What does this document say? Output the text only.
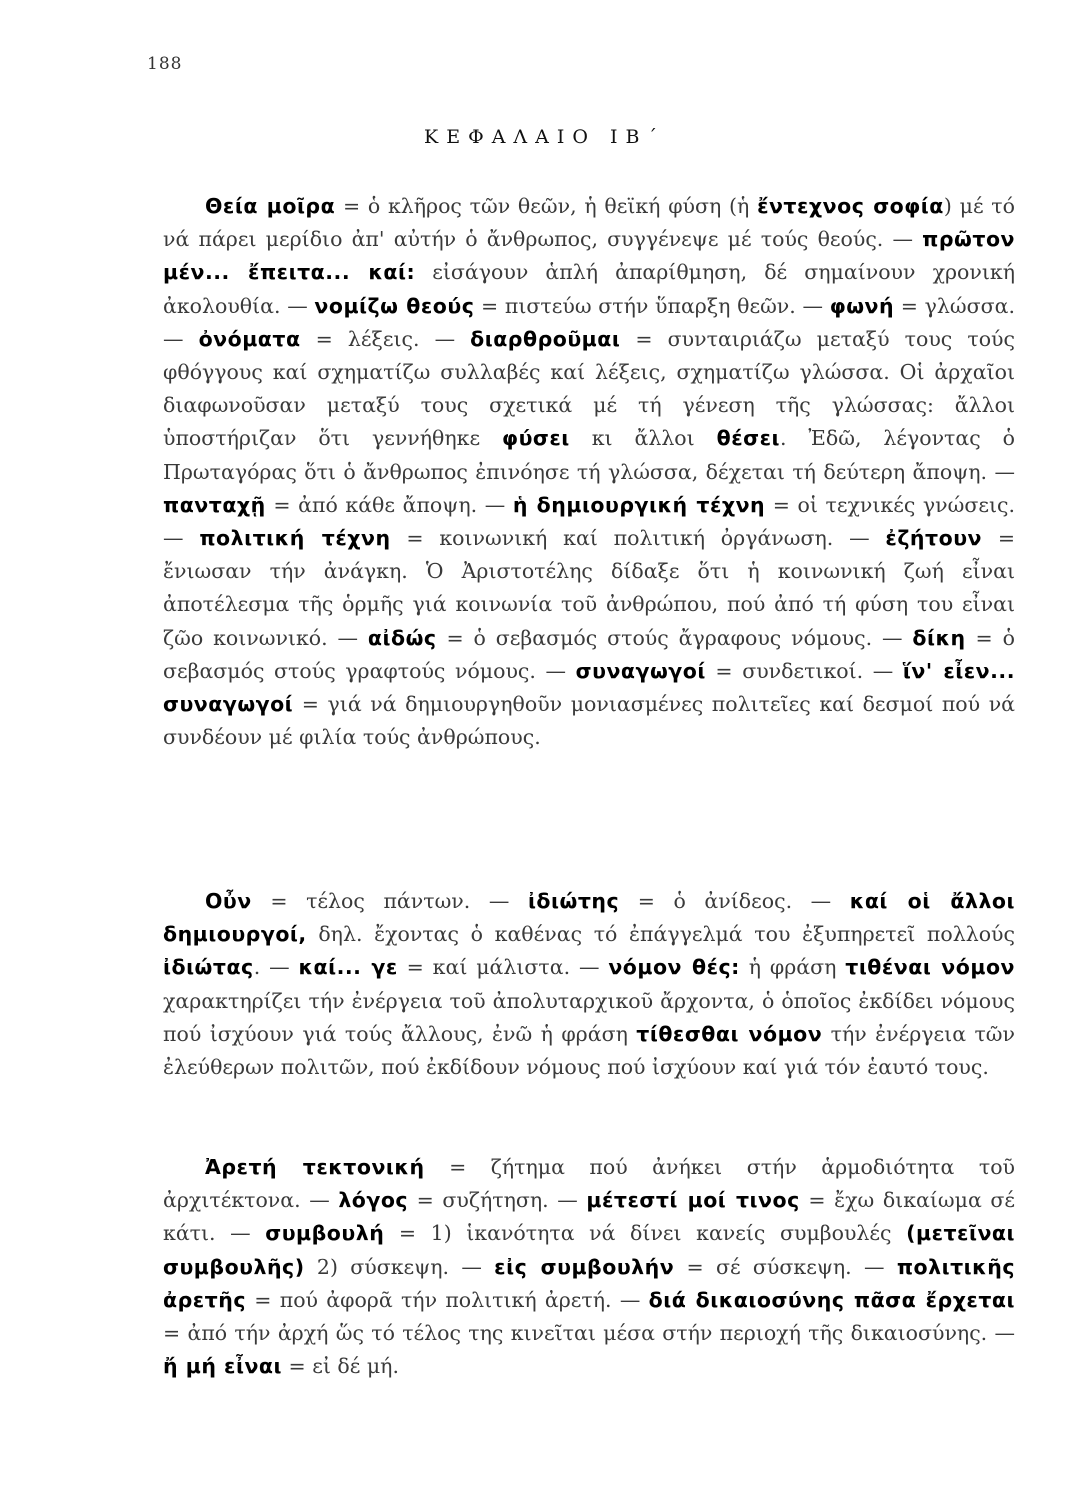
188
ΚΕΦΑΛΑΙΟ ΙΒ΄

Θεία μοῖρα = ὁ κλῆρος τῶν θεῶν, ἡ θεϊκή φύση (ἡ ἔντεχνος σοφία) μέ τό νά πάρει μερίδιο ἀπ' αὐτήν ὁ ἄνθρωπος, συγγένεψε μέ τούς θεούς. — πρῶτον μέν... ἔπειτα... καί: εἰσάγουν ἁπλή ἀπαρίθμηση, δέ σημαίνουν χρονική ἀκολουθία. — νομίζω θεούς = πιστεύω στήν ὕπαρξη θεῶν. — φωνή = γλώσσα. — ὀνόματα = λέξεις. — διαρθροῦμαι = συνταιριάζω μεταξύ τους τούς φθόγγους καί σχηματίζω συλλαβές καί λέξεις, σχηματίζω γλώσσα. Οἱ ἀρχαῖοι διαφωνοῦσαν μεταξύ τους σχετικά μέ τή γένεση τῆς γλώσσας: ἄλλοι ὑποστήριζαν ὅτι γεννήθηκε φύσει κι ἄλλοι θέσει. Ἐδῶ, λέγοντας ὁ Πρωταγόρας ὅτι ὁ ἄνθρωπος ἐπινόησε τή γλώσσα, δέχεται τή δεύτερη ἄποψη. — πανταχῇ = ἀπό κάθε ἄποψη. — ἡ δημιουργική τέχνη = οἱ τεχνικές γνώσεις. — πολιτική τέχνη = κοινωνική καί πολιτική ὀργάνωση. — ἐζήτουν = ἔνιωσαν τήν ἀνάγκη. Ὁ Ἀριστοτέλης δίδαξε ὅτι ἡ κοινωνική ζωή εἶναι ἀποτέλεσμα τῆς ὁρμῆς γιά κοινωνία τοῦ ἀνθρώπου, πού ἀπό τή φύση του εἶναι ζῶο κοινωνικό. — αἰδώς = ὁ σεβασμός στούς ἄγραφους νόμους. — δίκη = ὁ σεβασμός στούς γραφτούς νόμους. — συναγωγοί = συνδετικοί. — ἵν' εἶεν... συναγωγοί = γιά νά δημιουργηθοῦν μονιασμένες πολιτεῖες καί δεσμοί πού νά συνδέουν μέ φιλία τούς ἀνθρώπους.

Οὖν = τέλος πάντων. — ἰδιώτης = ὁ ἀνίδεος. — καί οἱ ἄλλοι δημιουργοί, δηλ. ἔχοντας ὁ καθένας τό ἐπάγγελμά του ἐξυπηρετεῖ πολλούς ἰδιώτας. — καί... γε = καί μάλιστα. — νόμον θές: ἡ φράση τιθέναι νόμον χαρακτηρίζει τήν ἐνέργεια τοῦ ἀπολυταρχικοῦ ἄρχοντα, ὁ ὁποῖος ἐκδίδει νόμους πού ἰσχύουν γιά τούς ἄλλους, ἐνῶ ἡ φράση τίθεσθαι νόμον τήν ἐνέργεια τῶν ἐλεύθερων πολιτῶν, πού ἐκδίδουν νόμους πού ἰσχύουν καί γιά τόν ἑαυτό τους.

Ἀρετή τεκτονική = ζήτημα πού ἀνήκει στήν ἁρμοδιότητα τοῦ ἀρχιτέκτονα. — λόγος = συζήτηση. — μέτεστί μοί τινος = ἔχω δικαίωμα σέ κάτι. — συμβουλή = 1) ἱκανότητα νά δίνει κανείς συμβουλές (μετεῖναι συμβουλῆς) 2) σύσκεψη. — εἰς συμβουλήν = σέ σύσκεψη. — πολιτικῆς ἀρετῆς = πού ἀφορᾶ τήν πολιτική ἀρετή. — διά δικαιοσύνης πᾶσα ἔρχεται = ἀπό τήν ἀρχή ὥς τό τέλος της κινεῖται μέσα στήν περιοχή τῆς δικαιοσύνης. — ἤ μή εἶναι = εἰ δέ μή.
